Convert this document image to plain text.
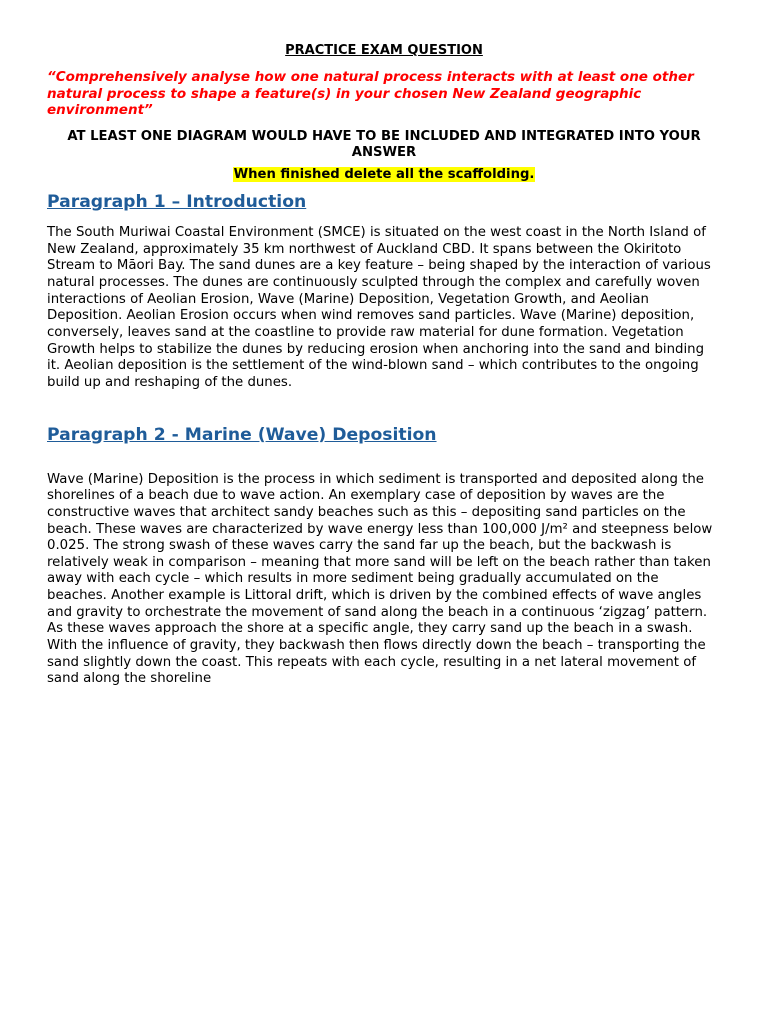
PRACTICE EXAM QUESTION

“Comprehensively analyse how one natural process interacts with at least one other natural process to shape a feature(s) in your chosen New Zealand geographic environment”
AT LEAST ONE DIAGRAM WOULD HAVE TO BE INCLUDED AND INTEGRATED INTO YOUR ANSWER
When finished delete all the scaffolding.
Paragraph 1 – Introduction

The South Muriwai Coastal Environment (SMCE) is situated on the west coast in the North Island of New Zealand, approximately 35 km northwest of Auckland CBD. It spans between the Okiritoto Stream to Māori Bay. The sand dunes are a key feature – being shaped by the interaction of various natural processes. The dunes are continuously sculpted through the complex and carefully woven interactions of Aeolian Erosion, Wave (Marine) Deposition, Vegetation Growth, and Aeolian Deposition. Aeolian Erosion occurs when wind removes sand particles. Wave (Marine) deposition, conversely, leaves sand at the coastline to provide raw material for dune formation. Vegetation Growth helps to stabilize the dunes by reducing erosion when anchoring into the sand and binding it. Aeolian deposition is the settlement of the wind-blown sand – which contributes to the ongoing build up and reshaping of the dunes.

Paragraph 2 - Marine (Wave) Deposition

Wave (Marine) Deposition is the process in which sediment is transported and deposited along the shorelines of a beach due to wave action. An exemplary case of deposition by waves are the constructive waves that architect sandy beaches such as this – depositing sand particles on the beach. These waves are characterized by wave energy less than 100,000 J/m² and steepness below 0.025. The strong swash of these waves carry the sand far up the beach, but the backwash is relatively weak in comparison – meaning that more sand will be left on the beach rather than taken away with each cycle – which results in more sediment being gradually accumulated on the beaches. Another example is Littoral drift, which is driven by the combined effects of wave angles and gravity to orchestrate the movement of sand along the beach in a continuous ‘zigzag’ pattern. As these waves approach the shore at a specific angle, they carry sand up the beach in a swash. With the influence of gravity, they backwash then flows directly down the beach – transporting the sand slightly down the coast. This repeats with each cycle, resulting in a net lateral movement of sand along the shoreline
